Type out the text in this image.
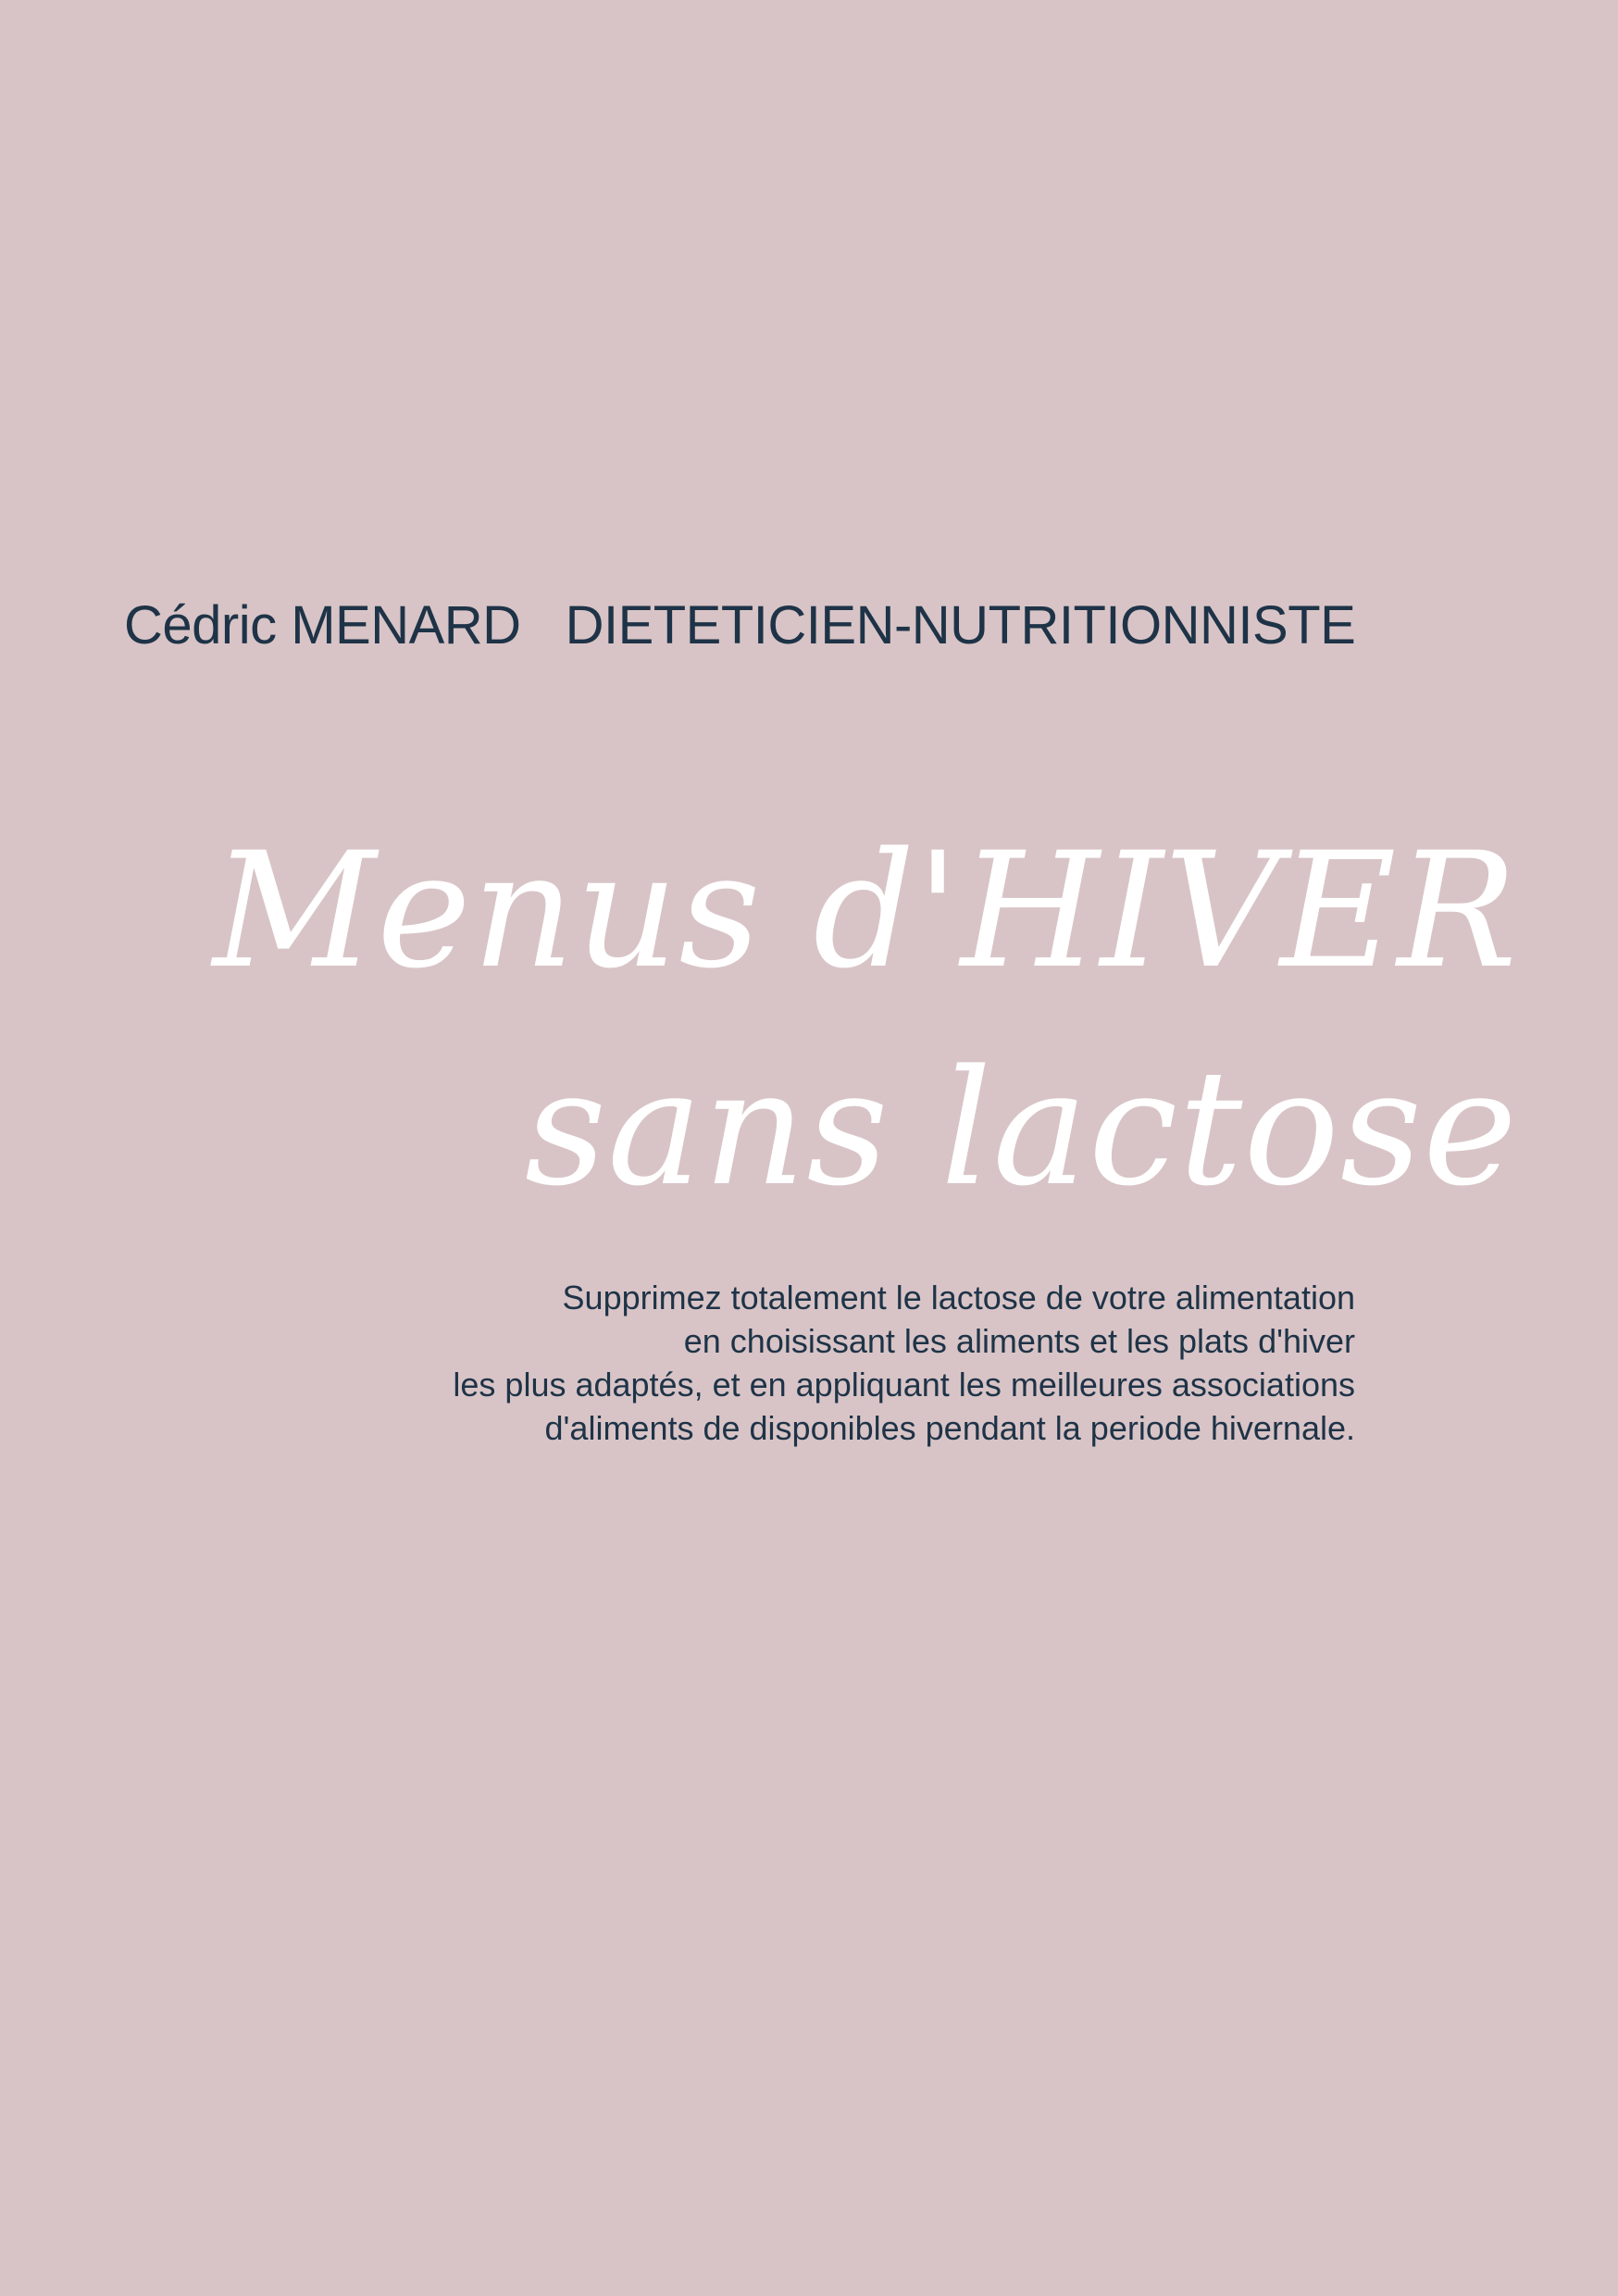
Cédric MENARD DIETETICIEN-NUTRITIONNISTE
Menus d'HIVER
sans lactose
Supprimez totalement le lactose de votre alimentation
en choisissant les aliments et les plats d'hiver
les plus adaptés, et en appliquant les meilleures associations
d'aliments de disponibles pendant la periode hivernale.
